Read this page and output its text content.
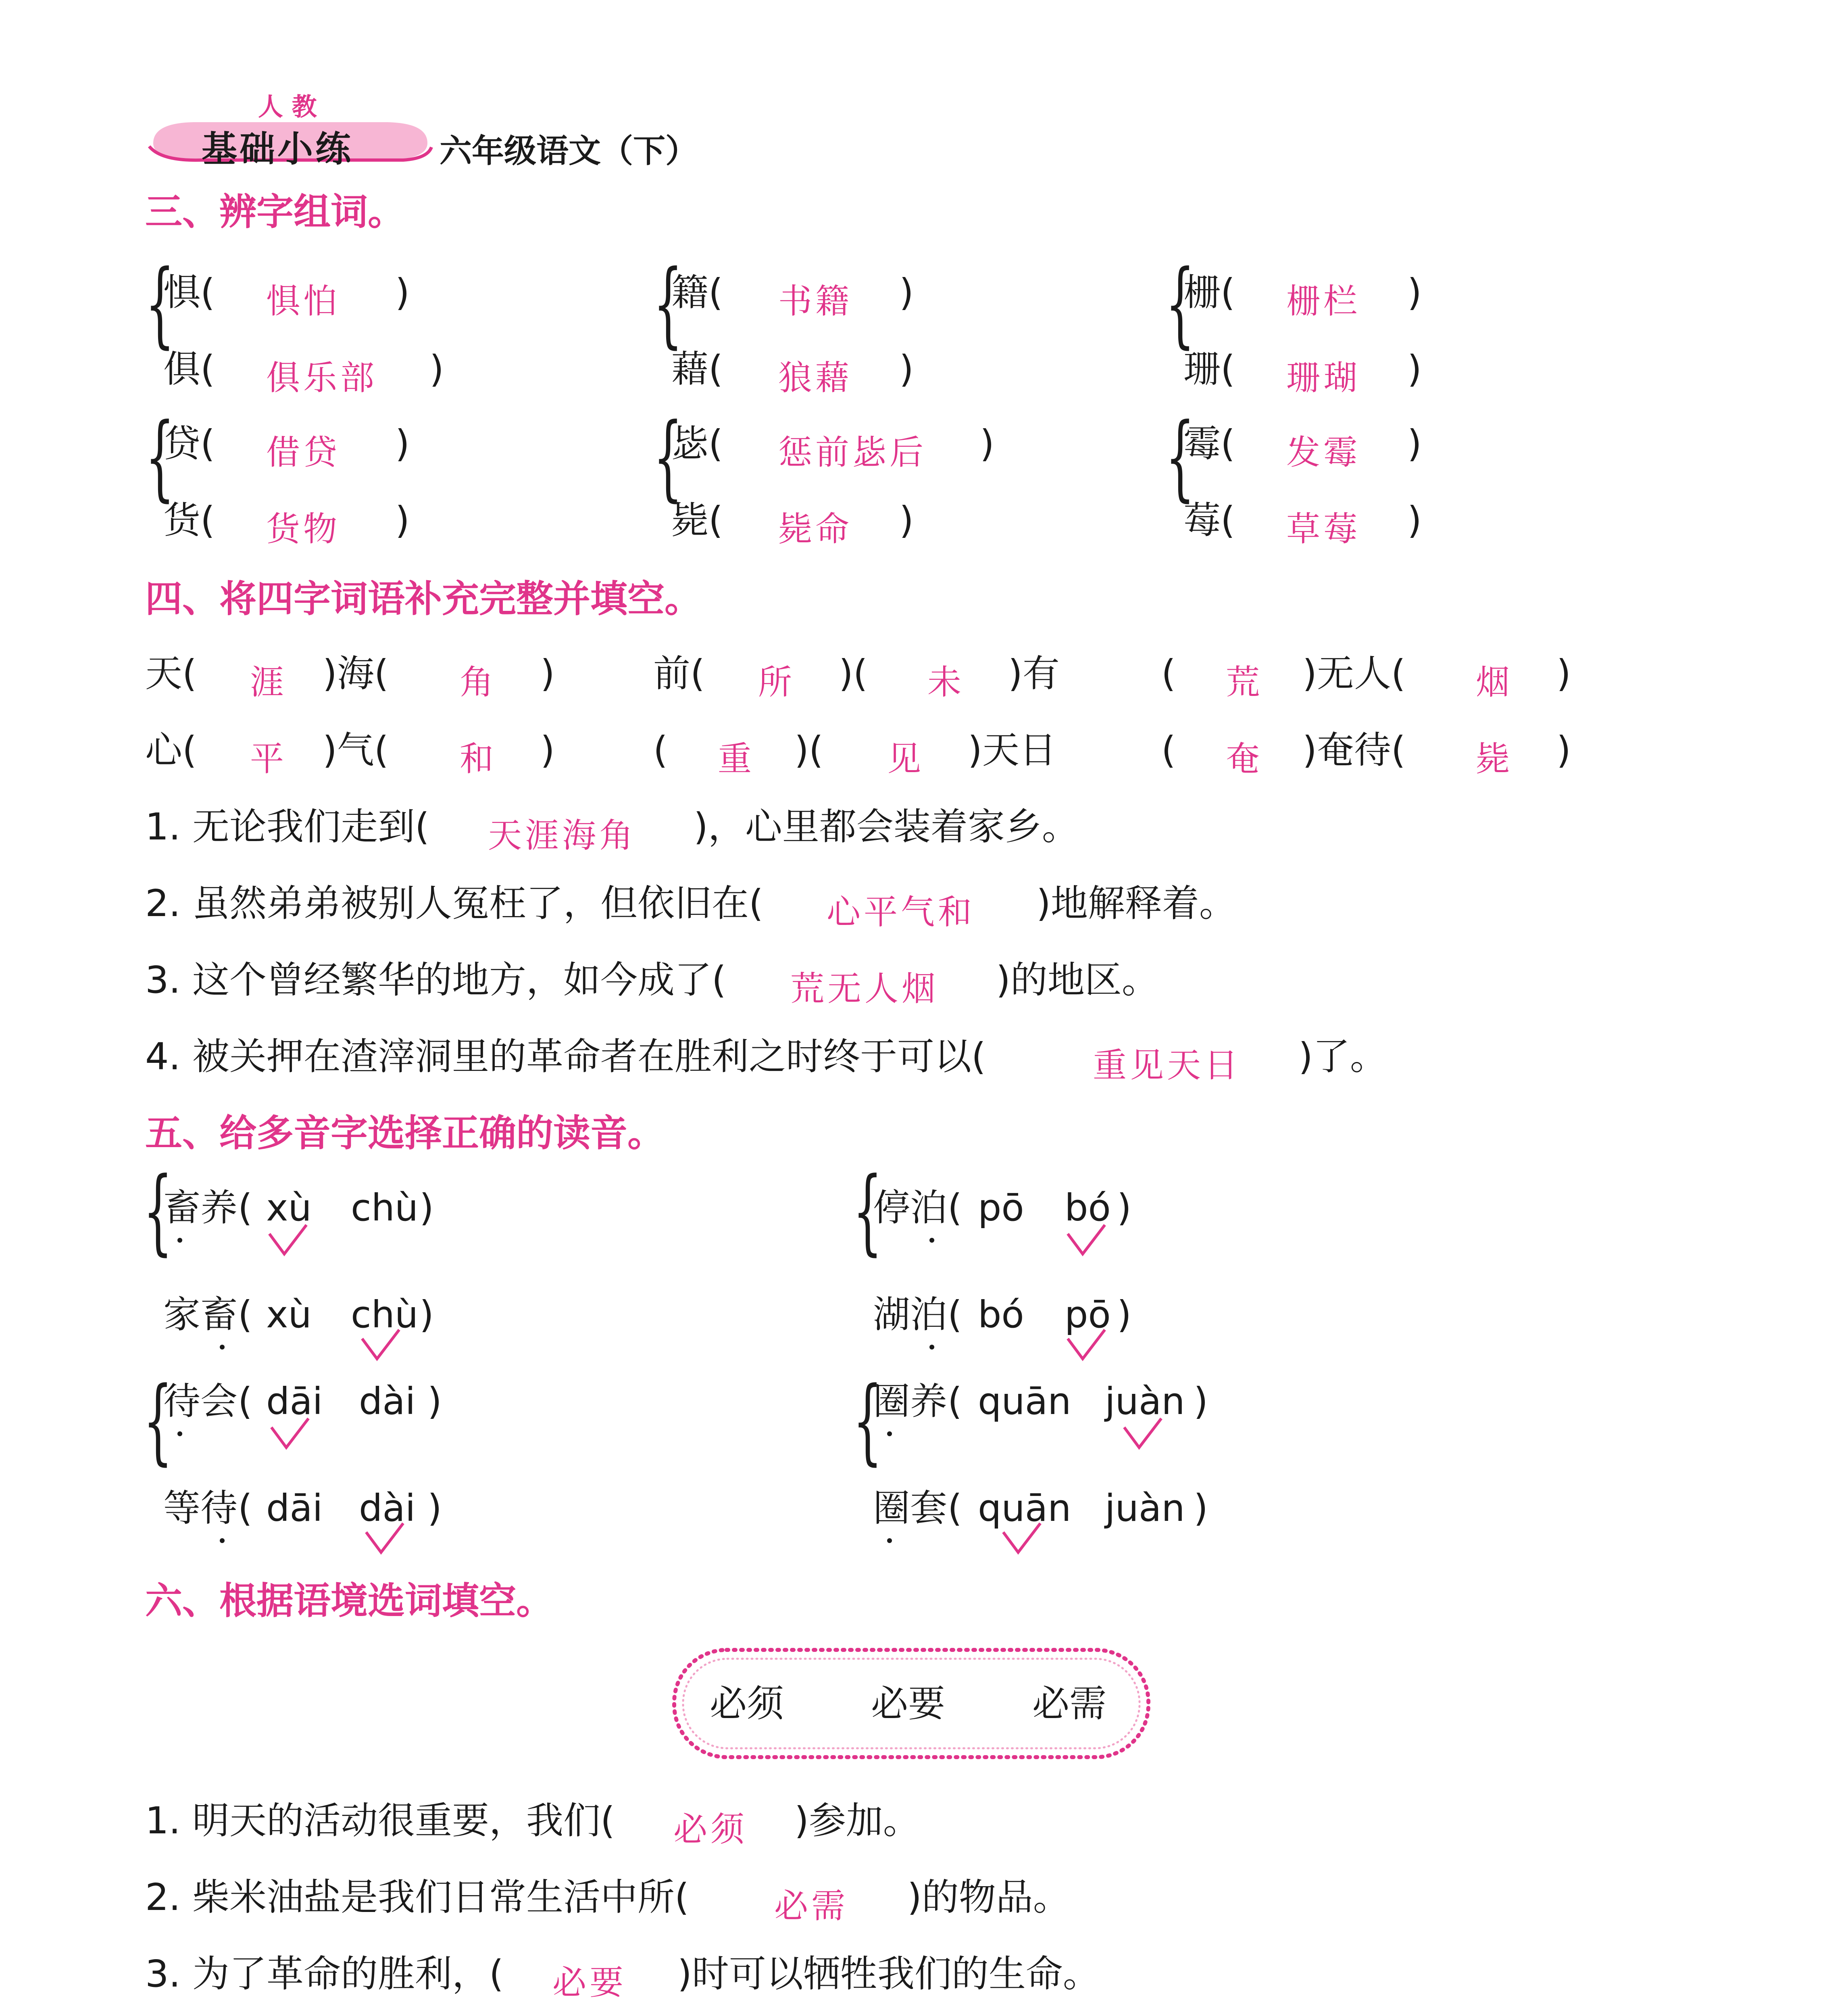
人 教
基础小练	六年级语文（下）
三、辨字组词。
{
惧( 惧怕 )
俱( 俱乐部 )
{
籍( 书籍 )
藉( 狼藉 )
{
栅( 栅栏 )
珊( 珊瑚 )
{
贷( 借贷 )
货( 货物 )
{
毖( 惩前毖后 )
毙( 毙命 )
{
霉( 发霉 )
莓( 草莓 )
四、将四字词语补充完整并填空。
天( 涯 )海( 角 )	前( 所 )( 未 )有	( 荒 )无人( 烟 )
心( 平 )气( 和 )	( 重 )( 见 )天日	( 奄 )奄待( 毙 )
1. 无论我们走到( 天涯海角 )，心里都会装着家乡。
2. 虽然弟弟被别人冤枉了，但依旧在( 心平气和 )地解释着。
3. 这个曾经繁华的地方，如今成了( 荒无人烟 )的地区。
4. 被关押在渣滓洞里的革命者在胜利之时终于可以(	重见天日 )了。
五、给多音字选择正确的读音。
{
畜养 ( xù chù )
家畜 ( xù chù )
{
停泊 ( pō bó )
湖泊 ( bó pō )
{
待会 ( dāi dài )
等待 ( dāi dài )
{
圈养 ( quān juàn )
圈套 ( quān juàn )
六、根据语境选词填空。
必须 必要 必需
1. 明天的活动很重要，我们( 必须 )参加。
2. 柴米油盐是我们日常生活中所(	必需 )的物品。
3. 为了革命的胜利，( 必要 )时可以牺牲我们的生命。
